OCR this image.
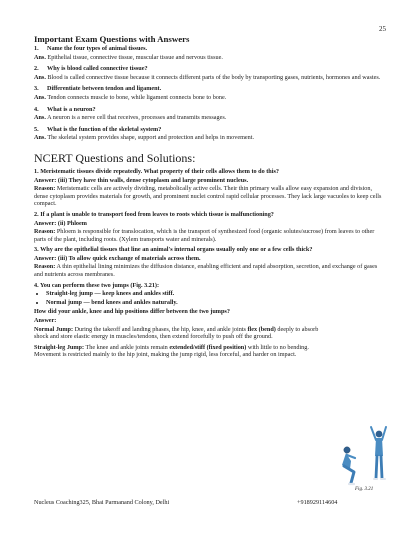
25
Important Exam Questions with Answers
1. Name the four types of animal tissues.
Ans. Epithelial tissue, connective tissue, muscular tissue and nervous tissue.
2. Why is blood called connective tissue?
Ans. Blood is called connective tissue because it connects different parts of the body by transporting gases, nutrients, hormones and wastes.
3. Differentiate between tendon and ligament.
Ans. Tendon connects muscle to bone, while ligament connects bone to bone.
4. What is a neuron?
Ans. A neuron is a nerve cell that receives, processes and transmits messages.
5. What is the function of the skeletal system?
Ans. The skeletal system provides shape, support and protection and helps in movement.
NCERT Questions and Solutions:
1. Meristematic tissues divide repeatedly. What property of their cells allows them to do this?
Answer: (iii) They have thin walls, dense cytoplasm and large prominent nucleus.
Reason: Meristematic cells are actively dividing, metabolically active cells. Their thin primary walls allow easy expansion and division, dense cytoplasm provides materials for growth, and prominent nuclei control rapid cellular processes. They lack large vacuoles to keep cells compact.
2. If a plant is unable to transport food from leaves to roots which tissue is malfunctioning?
Answer: (ii) Phloem
Reason: Phloem is responsible for translocation, which is the transport of synthesized food (organic solutes/sucrose) from leaves to other parts of the plant, including roots. (Xylem transports water and minerals).
3. Why are the epithelial tissues that line an animal's internal organs usually only one or a few cells thick?
Answer: (iii) To allow quick exchange of materials across them.
Reason: A thin epithelial lining minimizes the diffusion distance, enabling efficient and rapid absorption, secretion, and exchange of gases and nutrients across membranes.
4. You can perform these two jumps (Fig. 3.21):
• Straight-leg jump — keep knees and ankles stiff.
• Normal jump — bend knees and ankles naturally.
How did your ankle, knee and hip positions differ between the two jumps?
Answer:
Normal Jump: During the takeoff and landing phases, the hip, knee, and ankle joints flex (bend) deeply to absorb shock and store elastic energy in muscles/tendons, then extend forcefully to push off the ground.
Straight-leg Jump: The knee and ankle joints remain extended/stiff (fixed position) with little to no bending. Movement is restricted mainly to the hip joint, making the jump rigid, less forceful, and harder on impact.
Fig. 3.21
Nucleus Coaching325, Bhai Parmanand Colony, Delhi	+918929114604
